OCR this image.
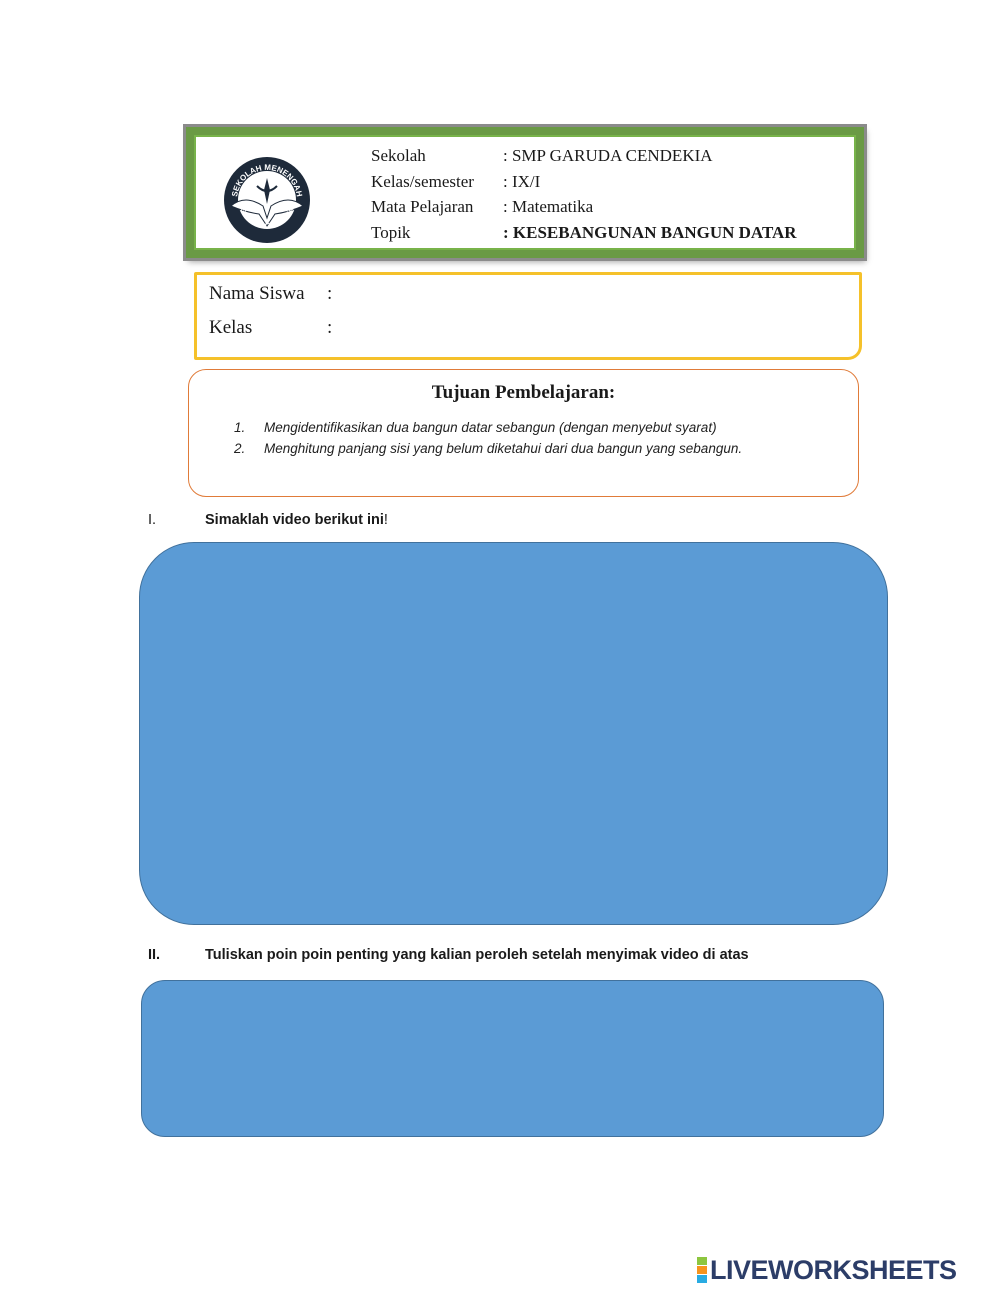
SEKOLAH MENENGAH
GARUDA CENDEKIA
Sekolah	: SMP GARUDA CENDEKIA
Kelas/semester	: IX/I
Mata Pelajaran	: Matematika
Topik	: KESEBANGUNAN BANGUN DATAR
Nama Siswa	:
Kelas	:
Tujuan Pembelajaran:
1.	Mengidentifikasikan dua bangun datar sebangun (dengan menyebut syarat)
2.	Menghitung panjang sisi yang belum diketahui dari dua bangun yang sebangun.
I.	Simaklah video berikut ini!
II.	Tuliskan poin poin penting yang kalian peroleh setelah menyimak video di atas
LIVEWORKSHEETS
